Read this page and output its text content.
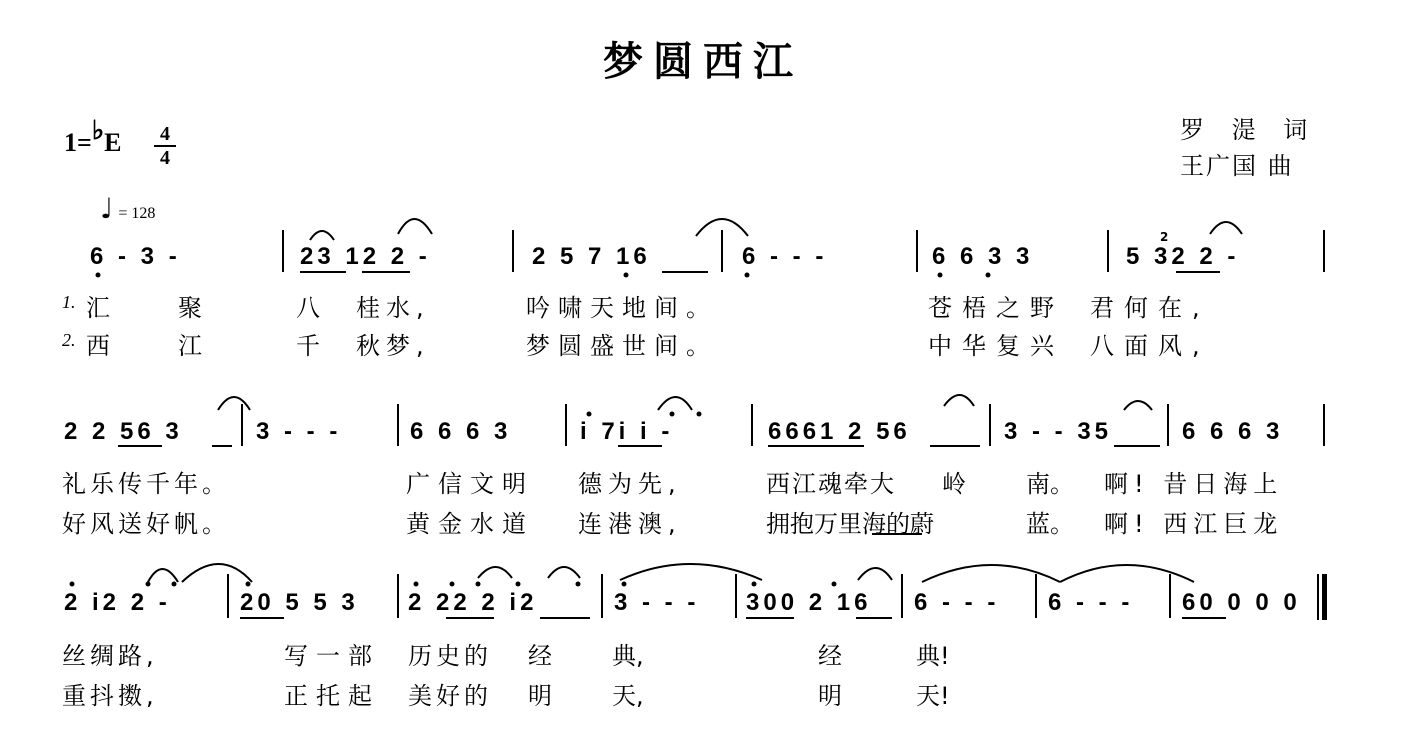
梦圆西江
罗 湜 词
王广国 曲
1=♭E	4
4
♩ = 128
6 - 3 -	23 12 2 -	2 5 7 16	6 - - -	6 6 3 3	5 32 2 -
2
1.
2.
汇	聚	八 桂水,	吟啸天地间。	苍梧之野 君何在,
西	江	千 秋梦,	梦圆盛世间。	中华复兴 八面风,
2 2 56 3	3 - - -	6 6 6 3	i 7i i -	6661 2 56	3 - - 35	6 6 6 3
礼乐传千年。	广信文明 德为先,	西江魂牵大 岭	南。 啊! 昔日海上
好风送好帆。	黄金水道 连港澳,	拥抱万里海的蔚	蓝。 啊! 西江巨龙
2 i2 2 -	20 5 5 3 2 22 2 i2	3 - - - 300 2 16 6 - - - 6 - - - 60 0 0 0
丝绸路,	写一部 历史的 经	典,	经	典!
重抖擞,	正托起 美好的 明	天,	明	天!
